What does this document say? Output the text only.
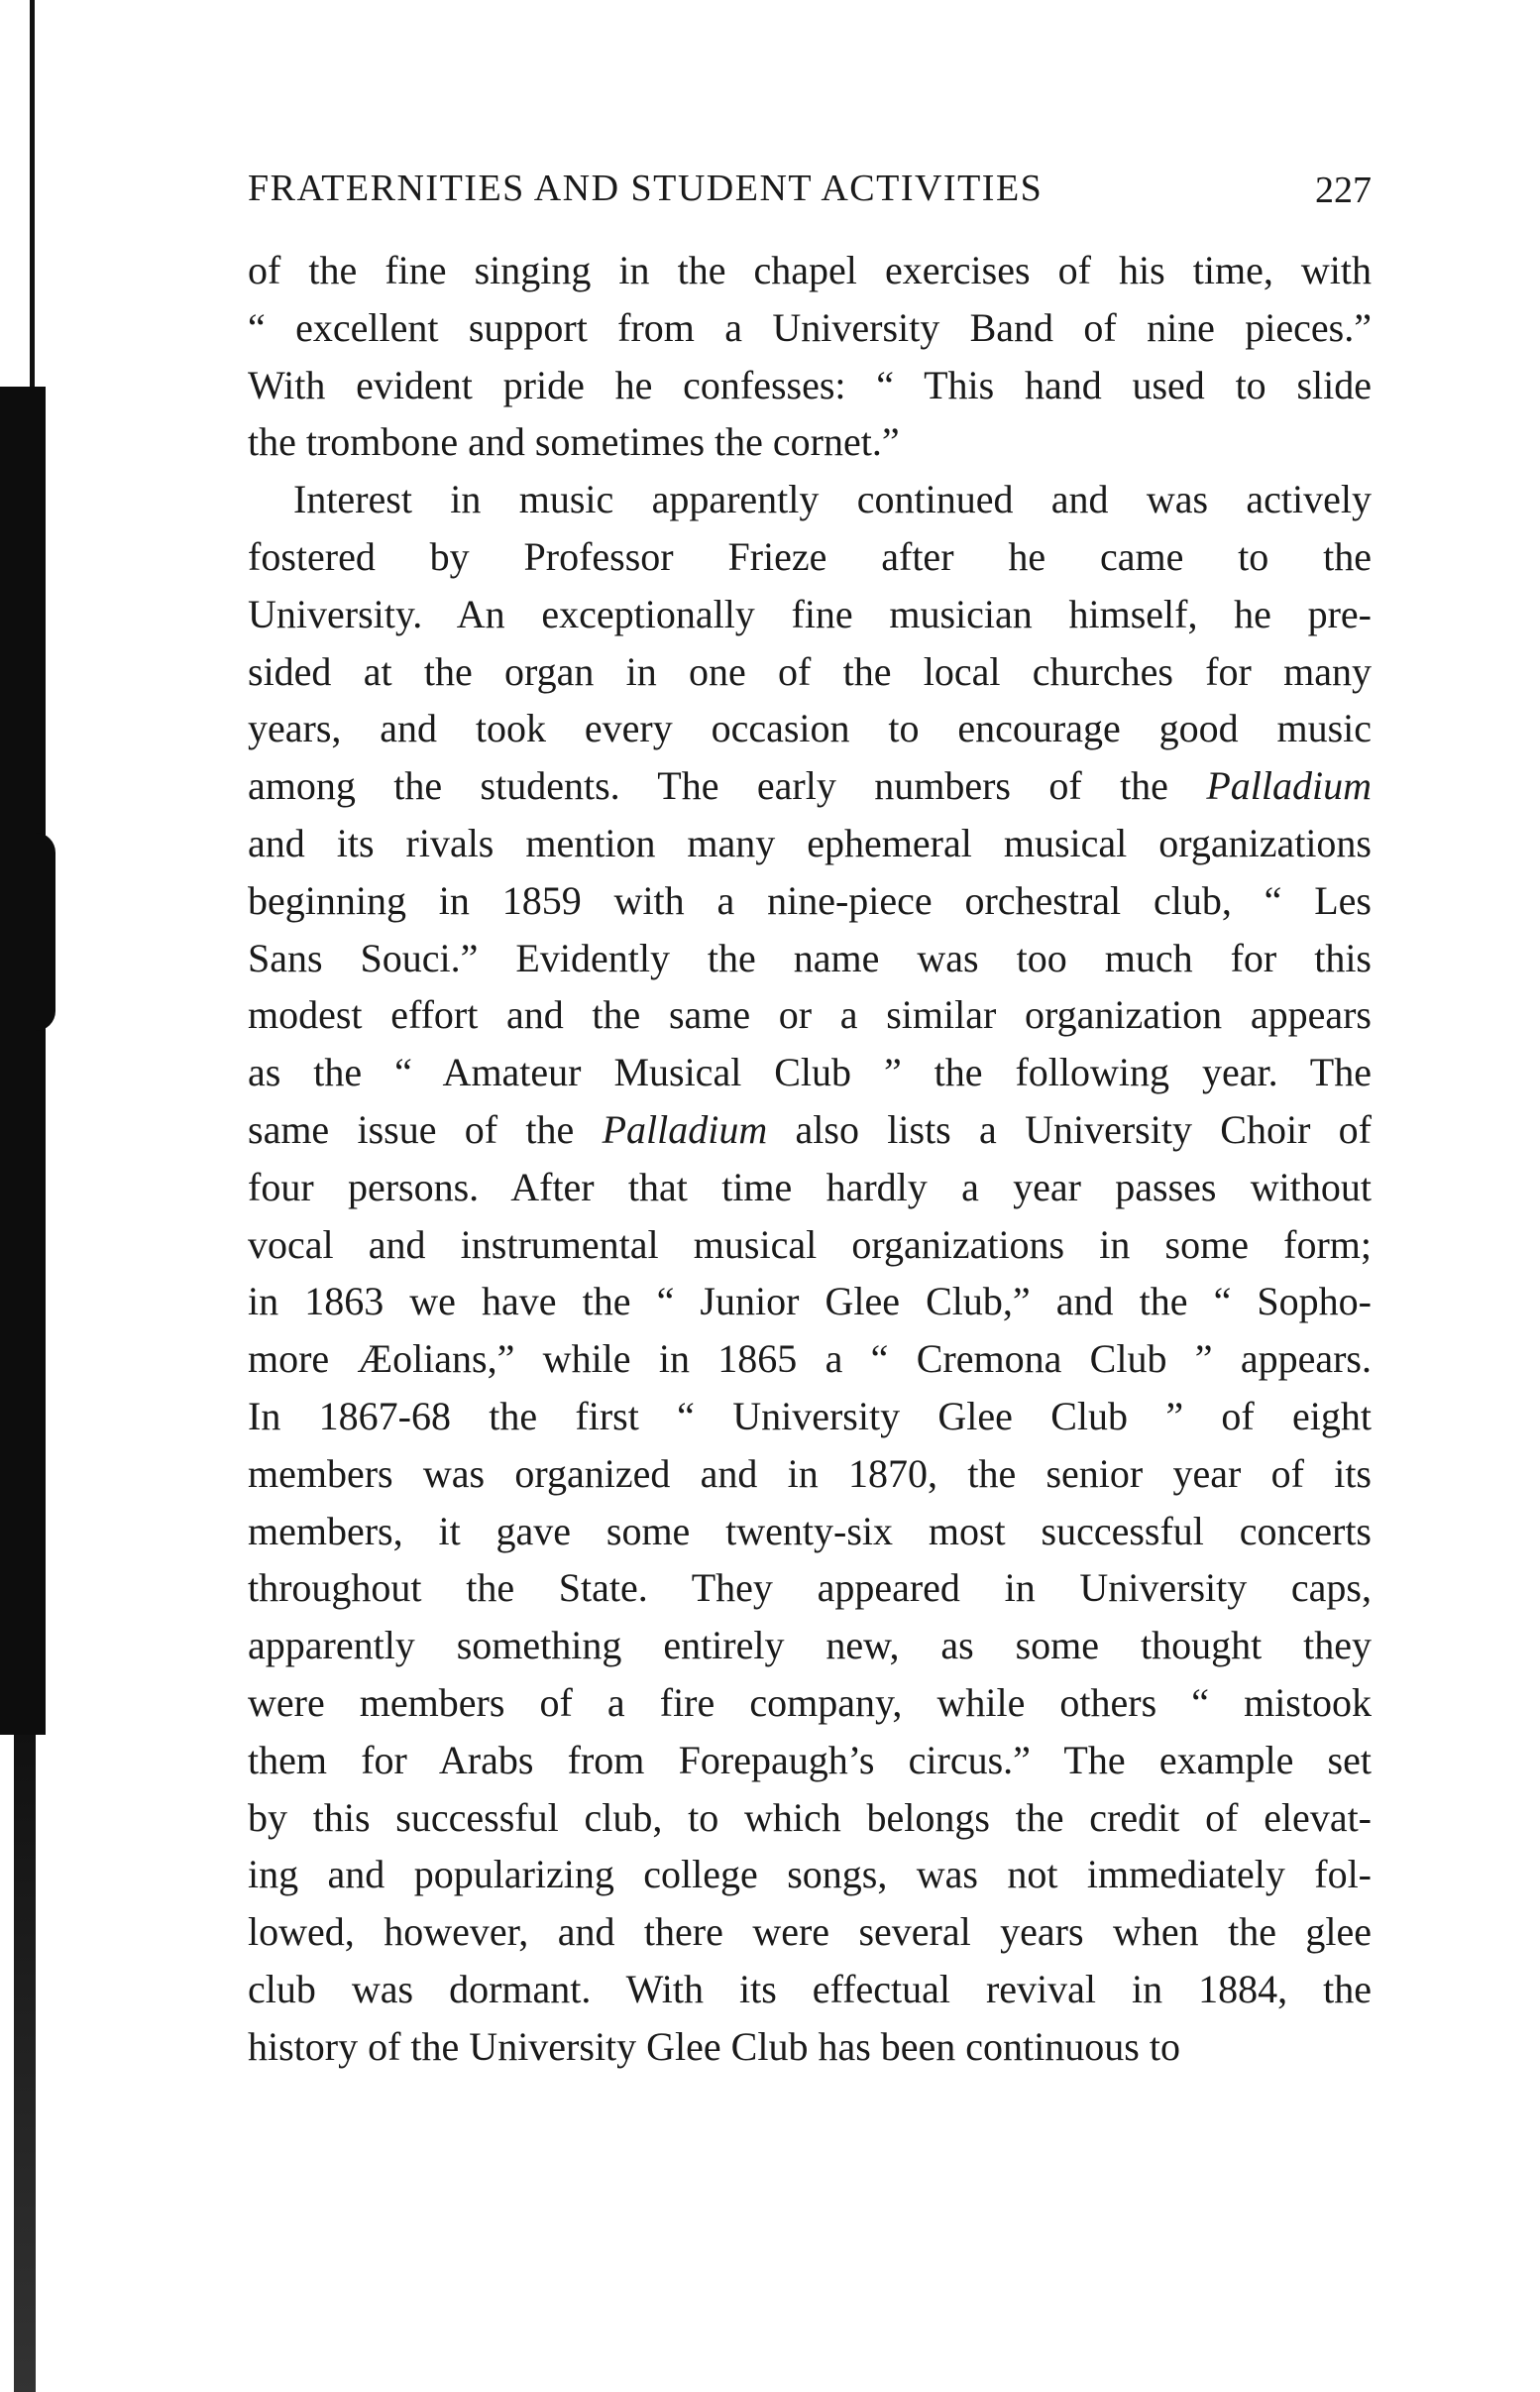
FRATERNITIES AND STUDENT ACTIVITIES	227
of the fine singing in the chapel exercises of his time, with
“ excellent support from a University Band of nine pieces.”
With evident pride he confesses: “ This hand used to slide
the trombone and sometimes the cornet.”
Interest in music apparently continued and was actively
fostered by Professor Frieze after he came to the
University. An exceptionally fine musician himself, he pre-
sided at the organ in one of the local churches for many
years, and took every occasion to encourage good music
among the students. The early numbers of the Palladium
and its rivals mention many ephemeral musical organizations
beginning in 1859 with a nine-piece orchestral club, “ Les
Sans Souci.” Evidently the name was too much for this
modest effort and the same or a similar organization appears
as the “ Amateur Musical Club ” the following year. The
same issue of the Palladium also lists a University Choir of
four persons. After that time hardly a year passes without
vocal and instrumental musical organizations in some form;
in 1863 we have the “ Junior Glee Club,” and the “ Sopho-
more Æolians,” while in 1865 a “ Cremona Club ” appears.
In 1867-68 the first “ University Glee Club ” of eight
members was organized and in 1870, the senior year of its
members, it gave some twenty-six most successful concerts
throughout the State. They appeared in University caps,
apparently something entirely new, as some thought they
were members of a fire company, while others “ mistook
them for Arabs from Forepaugh’s circus.” The example set
by this successful club, to which belongs the credit of elevat-
ing and popularizing college songs, was not immediately fol-
lowed, however, and there were several years when the glee
club was dormant. With its effectual revival in 1884, the
history of the University Glee Club has been continuous to
